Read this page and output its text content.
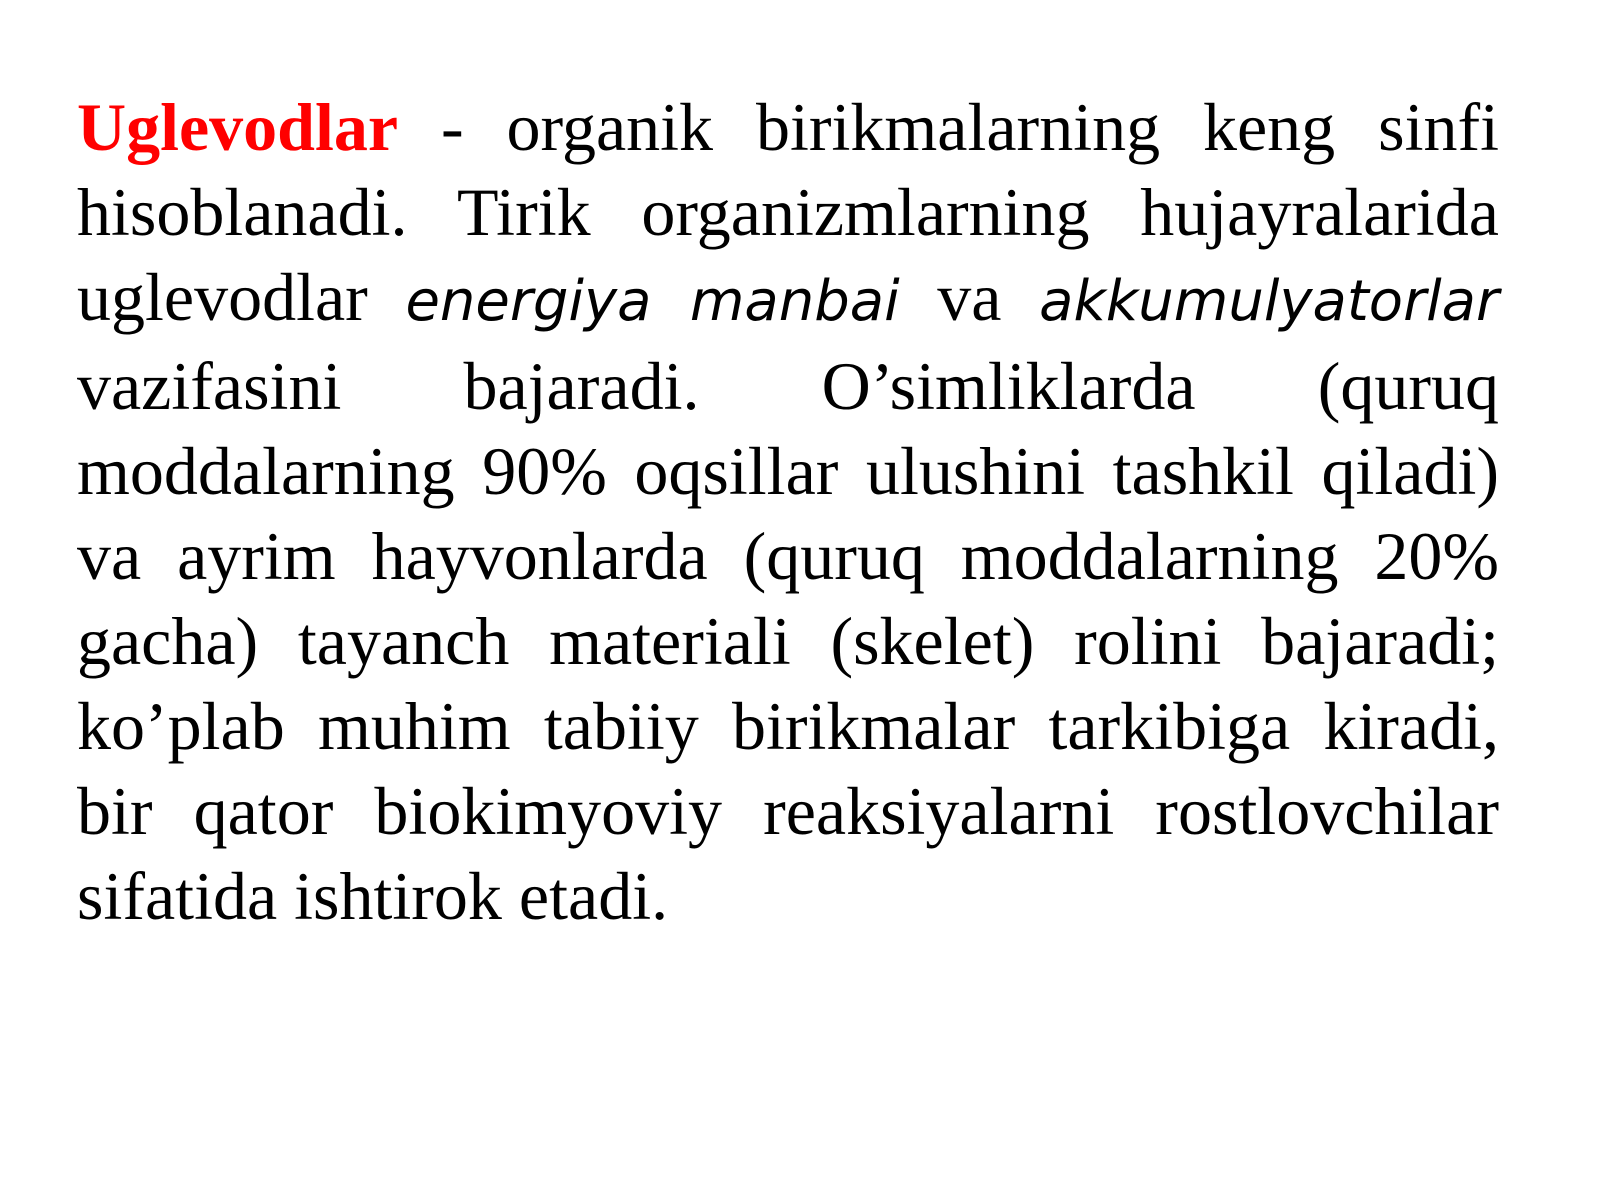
Uglevodlar - organik birikmalarning keng sinfi hisoblanadi. Tirik organizmlarning hujayralarida uglevodlar energiya manbai va akkumulyatorlar vazifasini bajaradi. O’simliklarda (quruq moddalarning 90% oqsillar ulushini tashkil qiladi) va ayrim hayvonlarda (quruq moddalarning 20% gacha) tayanch materiali (skelet) rolini bajaradi; ko’plab muhim tabiiy birikmalar tarkibiga kiradi, bir qator biokimyoviy reaksiyalarni rostlovchilar sifatida ishtirok etadi.
